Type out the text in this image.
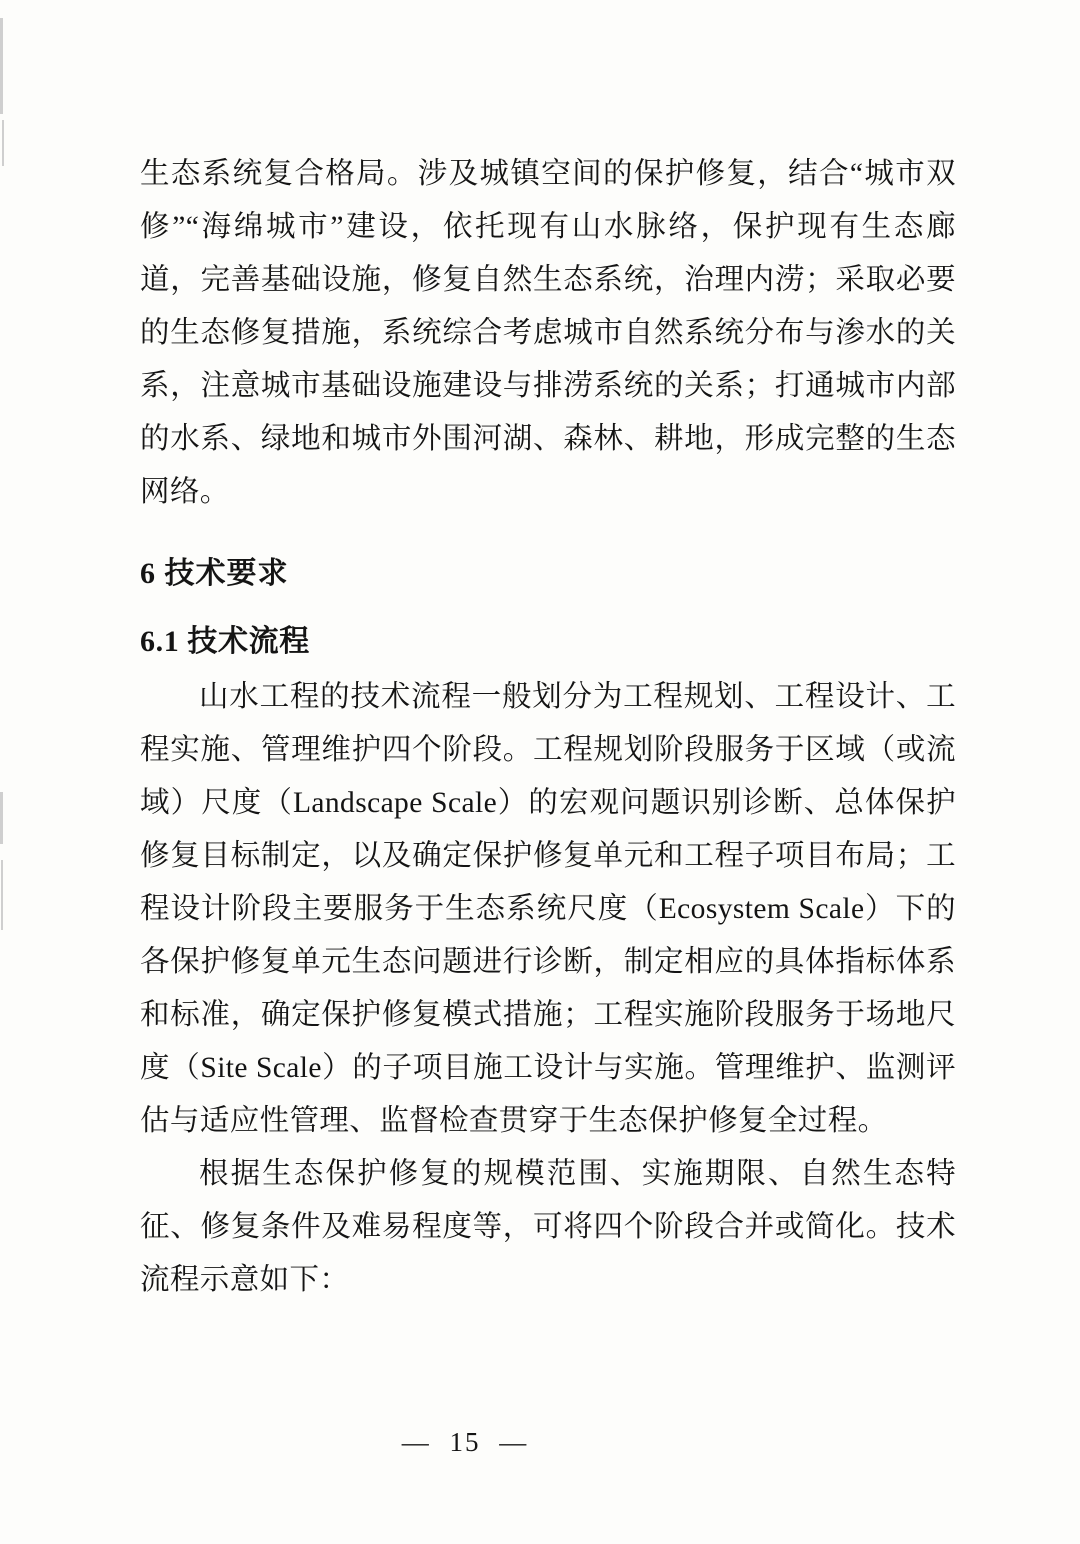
生态系统复合格局。涉及城镇空间的保护修复，结合“城市双修”“海绵城市”建设，依托现有山水脉络，保护现有生态廊道，完善基础设施，修复自然生态系统，治理内涝；采取必要的生态修复措施，系统综合考虑城市自然系统分布与渗水的关系，注意城市基础设施建设与排涝系统的关系；打通城市内部的水系、绿地和城市外围河湖、森林、耕地，形成完整的生态网络。

6 技术要求
6.1 技术流程

山水工程的技术流程一般划分为工程规划、工程设计、工程实施、管理维护四个阶段。工程规划阶段服务于区域（或流域）尺度（Landscape Scale）的宏观问题识别诊断、总体保护修复目标制定，以及确定保护修复单元和工程子项目布局；工程设计阶段主要服务于生态系统尺度（Ecosystem Scale）下的各保护修复单元生态问题进行诊断，制定相应的具体指标体系和标准，确定保护修复模式措施；工程实施阶段服务于场地尺度（Site Scale）的子项目施工设计与实施。管理维护、监测评估与适应性管理、监督检查贯穿于生态保护修复全过程。

根据生态保护修复的规模范围、实施期限、自然生态特征、修复条件及难易程度等，可将四个阶段合并或简化。技术流程示意如下：

— 15 —
